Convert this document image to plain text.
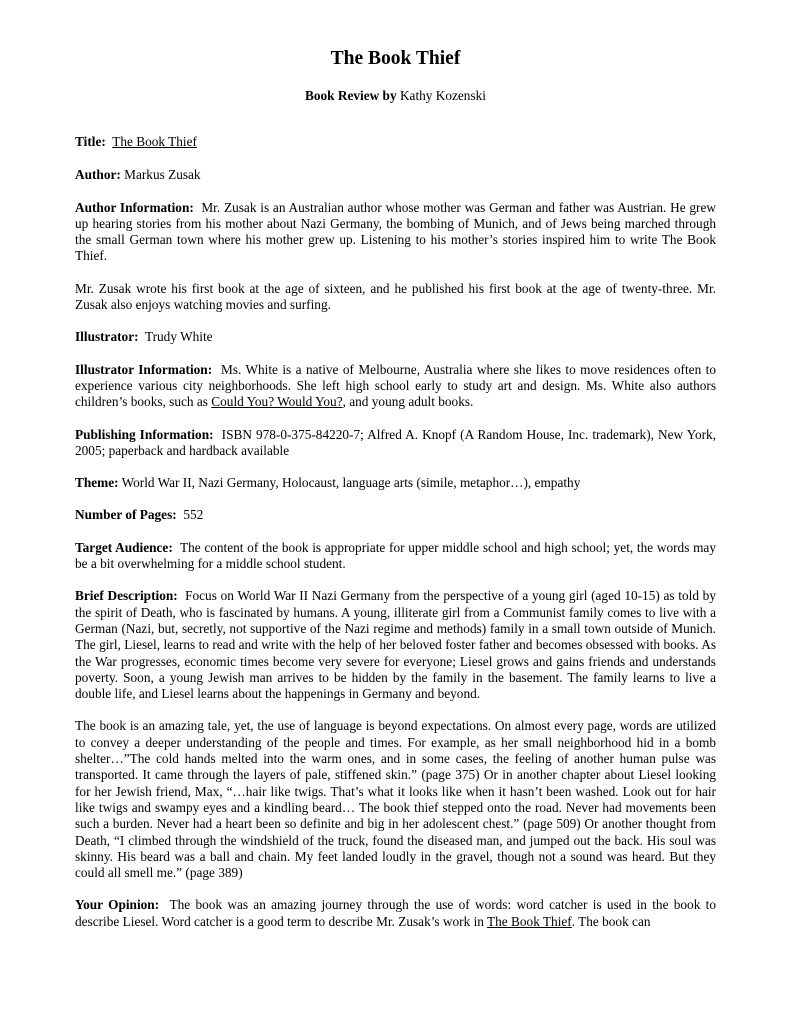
The Book Thief
Book Review by Kathy Kozenski

Title: The Book Thief

Author: Markus Zusak

Author Information: Mr. Zusak is an Australian author whose mother was German and father was Austrian. He grew up hearing stories from his mother about Nazi Germany, the bombing of Munich, and of Jews being marched through the small German town where his mother grew up. Listening to his mother’s stories inspired him to write The Book Thief.

Mr. Zusak wrote his first book at the age of sixteen, and he published his first book at the age of twenty-three. Mr. Zusak also enjoys watching movies and surfing.

Illustrator: Trudy White

Illustrator Information: Ms. White is a native of Melbourne, Australia where she likes to move residences often to experience various city neighborhoods. She left high school early to study art and design. Ms. White also authors children’s books, such as Could You? Would You?, and young adult books.

Publishing Information: ISBN 978-0-375-84220-7; Alfred A. Knopf (A Random House, Inc. trademark), New York, 2005; paperback and hardback available

Theme: World War II, Nazi Germany, Holocaust, language arts (simile, metaphor…), empathy

Number of Pages: 552

Target Audience: The content of the book is appropriate for upper middle school and high school; yet, the words may be a bit overwhelming for a middle school student.

Brief Description: Focus on World War II Nazi Germany from the perspective of a young girl (aged 10-15) as told by the spirit of Death, who is fascinated by humans. A young, illiterate girl from a Communist family comes to live with a German (Nazi, but, secretly, not supportive of the Nazi regime and methods) family in a small town outside of Munich. The girl, Liesel, learns to read and write with the help of her beloved foster father and becomes obsessed with books. As the War progresses, economic times become very severe for everyone; Liesel grows and gains friends and understands poverty. Soon, a young Jewish man arrives to be hidden by the family in the basement. The family learns to live a double life, and Liesel learns about the happenings in Germany and beyond.

The book is an amazing tale, yet, the use of language is beyond expectations. On almost every page, words are utilized to convey a deeper understanding of the people and times. For example, as her small neighborhood hid in a bomb shelter…”The cold hands melted into the warm ones, and in some cases, the feeling of another human pulse was transported. It came through the layers of pale, stiffened skin.” (page 375) Or in another chapter about Liesel looking for her Jewish friend, Max, “…hair like twigs. That’s what it looks like when it hasn’t been washed. Look out for hair like twigs and swampy eyes and a kindling beard… The book thief stepped onto the road. Never had movements been such a burden. Never had a heart been so definite and big in her adolescent chest.” (page 509) Or another thought from Death, “I climbed through the windshield of the truck, found the diseased man, and jumped out the back. His soul was skinny. His beard was a ball and chain. My feet landed loudly in the gravel, though not a sound was heard. But they could all smell me.” (page 389)

Your Opinion: The book was an amazing journey through the use of words: word catcher is used in the book to describe Liesel. Word catcher is a good term to describe Mr. Zusak’s work in The Book Thief. The book can
